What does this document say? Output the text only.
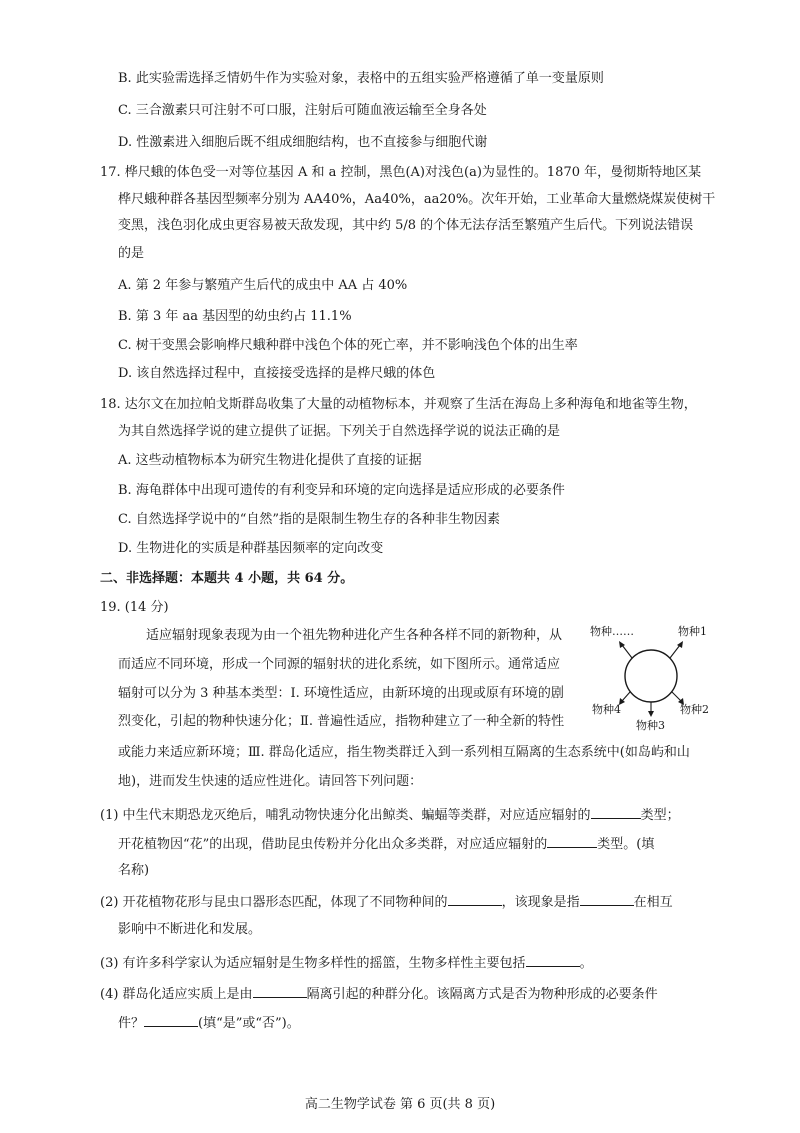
B. 此实验需选择乏情奶牛作为实验对象，表格中的五组实验严格遵循了单一变量原则
C. 三合激素只可注射不可口服，注射后可随血液运输至全身各处
D. 性激素进入细胞后既不组成细胞结构，也不直接参与细胞代谢
17. 桦尺蛾的体色受一对等位基因 A 和 a 控制，黑色(A)对浅色(a)为显性的。1870 年，曼彻斯特地区某
桦尺蛾种群各基因型频率分别为 AA40%，Aa40%，aa20%。次年开始，工业革命大量燃烧煤炭使树干
变黑，浅色羽化成虫更容易被天敌发现，其中约 5/8 的个体无法存活至繁殖产生后代。下列说法错误
的是
A. 第 2 年参与繁殖产生后代的成虫中 AA 占 40%
B. 第 3 年 aa 基因型的幼虫约占 11.1%
C. 树干变黑会影响桦尺蛾种群中浅色个体的死亡率，并不影响浅色个体的出生率
D. 该自然选择过程中，直接接受选择的是桦尺蛾的体色
18. 达尔文在加拉帕戈斯群岛收集了大量的动植物标本，并观察了生活在海岛上多种海龟和地雀等生物，
为其自然选择学说的建立提供了证据。下列关于自然选择学说的说法正确的是
A. 这些动植物标本为研究生物进化提供了直接的证据
B. 海龟群体中出现可遗传的有利变异和环境的定向选择是适应形成的必要条件
C. 自然选择学说中的“自然”指的是限制生物生存的各种非生物因素
D. 生物进化的实质是种群基因频率的定向改变
二、非选择题：本题共 4 小题，共 64 分。
19. (14 分)
适应辐射现象表现为由一个祖先物种进化产生各种各样不同的新物种，从
而适应不同环境，形成一个同源的辐射状的进化系统，如下图所示。通常适应
辐射可以分为 3 种基本类型：Ⅰ. 环境性适应，由新环境的出现或原有环境的剧
烈变化，引起的物种快速分化；Ⅱ. 普遍性适应，指物种建立了一种全新的特性
或能力来适应新环境；Ⅲ. 群岛化适应，指生物类群迁入到一系列相互隔离的生态系统中(如岛屿和山
地)，进而发生快速的适应性进化。请回答下列问题：
物种……	物种1
物种4
物种3
物种2
(1) 中生代末期恐龙灭绝后，哺乳动物快速分化出鲸类、蝙蝠等类群，对应适应辐射的	类型；
开花植物因“花”的出现，借助昆虫传粉并分化出众多类群，对应适应辐射的	类型。(填
名称)
(2) 开花植物花形与昆虫口器形态匹配，体现了不同物种间的	，该现象是指	在相互
影响中不断进化和发展。
(3) 有许多科学家认为适应辐射是生物多样性的摇篮，生物多样性主要包括	。
(4) 群岛化适应实质上是由	隔离引起的种群分化。该隔离方式是否为物种形成的必要条件
件？	(填“是”或“否”)。
高二生物学试卷 第 6 页(共 8 页)
